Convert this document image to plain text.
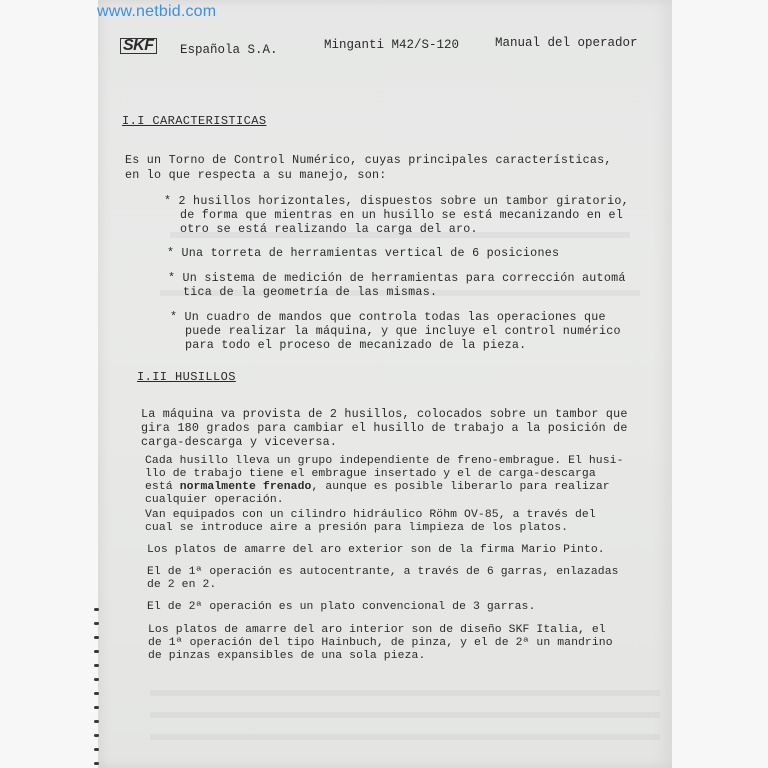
www.netbid.com
SKF Española S.A.	Minganti M42/S-120	Manual del operador
I.I CARACTERISTICAS
Es un Torno de Control Numérico, cuyas principales características,
en lo que respecta a su manejo, son:
* 2 husillos horizontales, dispuestos sobre un tambor giratorio,
de forma que mientras en un husillo se está mecanizando en el
otro se está realizando la carga del aro.
* Una torreta de herramientas vertical de 6 posiciones
* Un sistema de medición de herramientas para corrección automá
tica de la geometría de las mismas.
* Un cuadro de mandos que controla todas las operaciones que
puede realizar la máquina, y que incluye el control numérico
para todo el proceso de mecanizado de la pieza.
I.II HUSILLOS
La máquina va provista de 2 husillos, colocados sobre un tambor que
gira 180 grados para cambiar el husillo de trabajo a la posición de
carga-descarga y viceversa.
Cada husillo lleva un grupo independiente de freno-embrague. El husi-
llo de trabajo tiene el embrague insertado y el de carga-descarga
está normalmente frenado, aunque es posible liberarlo para realizar
cualquier operación.
Van equipados con un cilindro hidráulico Röhm OV-85, a través del
cual se introduce aire a presión para limpieza de los platos.
Los platos de amarre del aro exterior son de la firma Mario Pinto.
El de 1ª operación es autocentrante, a través de 6 garras, enlazadas
de 2 en 2.
El de 2ª operación es un plato convencional de 3 garras.
Los platos de amarre del aro interior son de diseño SKF Italia, el
de 1ª operación del tipo Hainbuch, de pinza, y el de 2ª un mandrino
de pinzas expansibles de una sola pieza.
